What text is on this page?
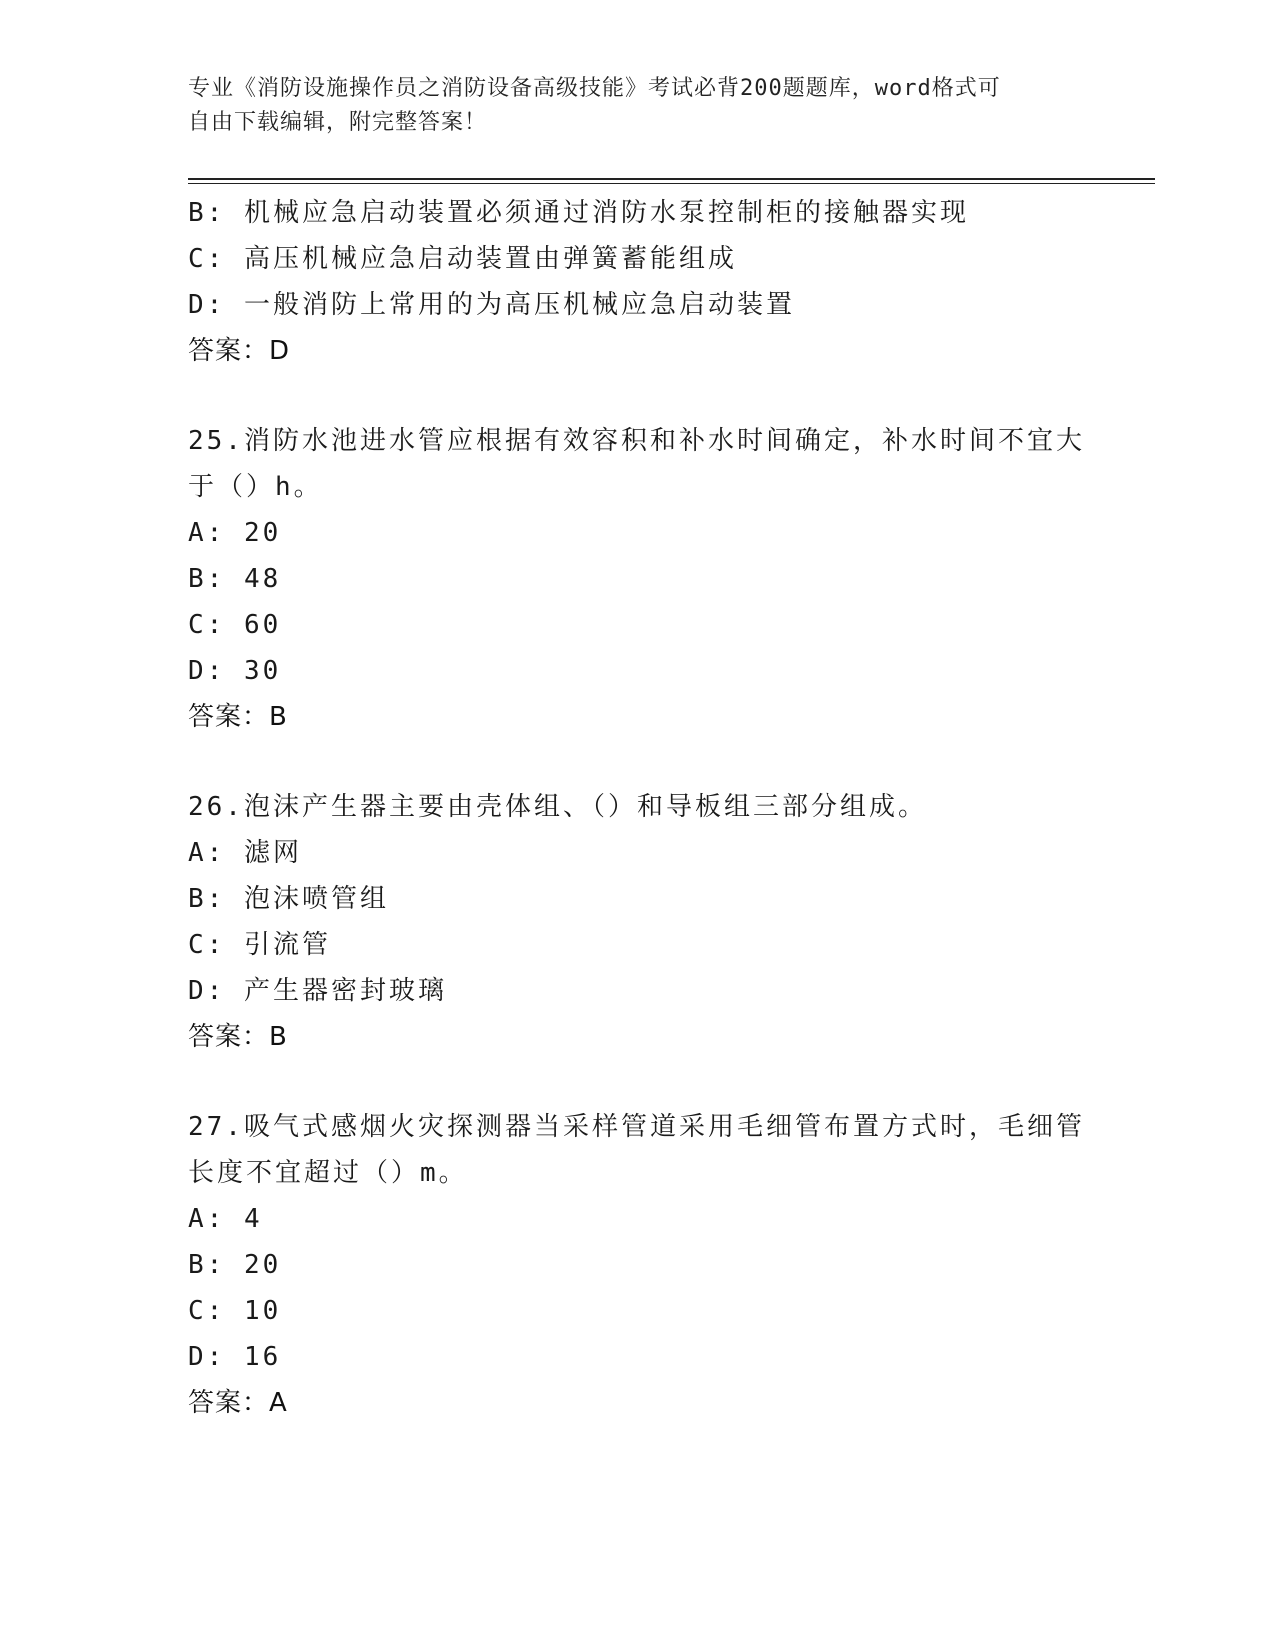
专业《消防设施操作员之消防设备高级技能》考试必背200题题库，word格式可
自由下载编辑，附完整答案！
B: 机械应急启动装置必须通过消防水泵控制柜的接触器实现
C: 高压机械应急启动装置由弹簧蓄能组成
D: 一般消防上常用的为高压机械应急启动装置
答案：D
25.消防水池进水管应根据有效容积和补水时间确定，补水时间不宜大
于（）h。
A: 20
B: 48
C: 60
D: 30
答案：B
26.泡沫产生器主要由壳体组、（）和导板组三部分组成。
A: 滤网
B: 泡沫喷管组
C: 引流管
D: 产生器密封玻璃
答案：B
27.吸气式感烟火灾探测器当采样管道采用毛细管布置方式时，毛细管
长度不宜超过（）m。
A: 4
B: 20
C: 10
D: 16
答案：A
